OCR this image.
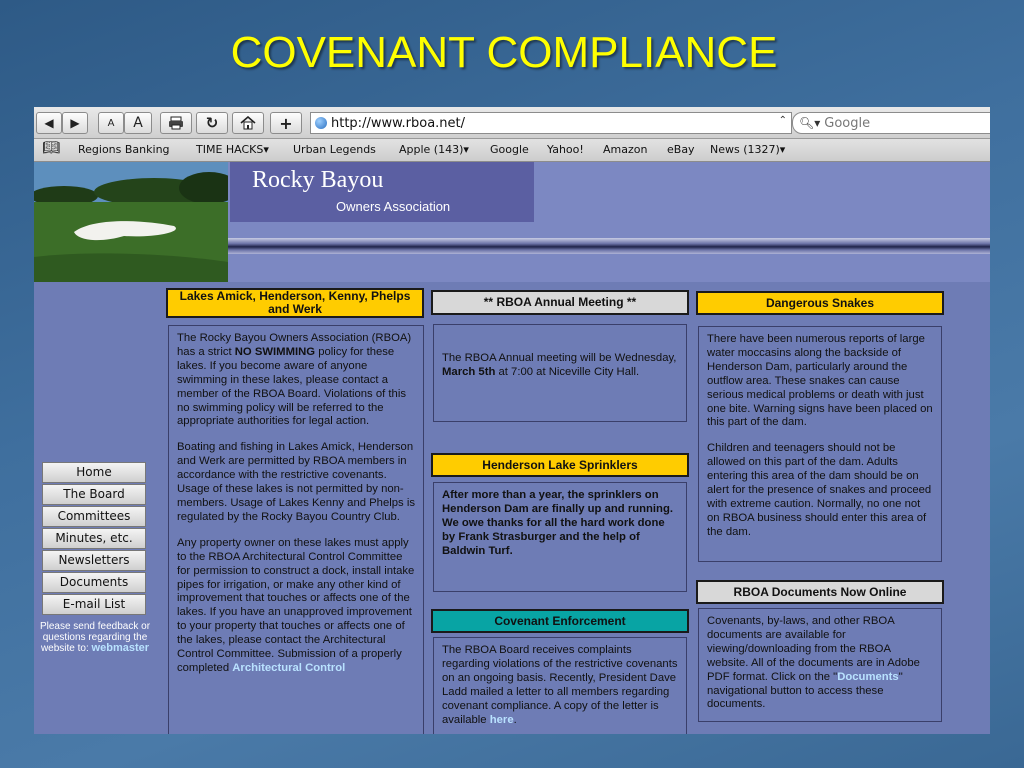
COVENANT COMPLIANCE
◀	▶	A	A	↻	+	http://www.rboa.net/	⌃ 🔍︎▾ Google
📖︎ Regions Banking TIME HACKS▾ Urban Legends Apple (143)▾ Google Yahoo! Amazon eBay News (1327)▾
Rocky Bayou
Owners Association
Home
The Board
Committees
Minutes, etc.
Newsletters
Documents
E-mail List
Please send feedback or questions regarding the website to: webmaster
Lakes Amick, Henderson, Kenny, Phelps and Werk

The Rocky Bayou Owners Association (RBOA) has a strict NO SWIMMING policy for these lakes. If you become aware of anyone swimming in these lakes, please contact a member of the RBOA Board. Violations of this no swimming policy will be referred to the appropriate authorities for legal action.

Boating and fishing in Lakes Amick, Henderson and Werk are permitted by RBOA members in accordance with the restrictive covenants. Usage of these lakes is not permitted by non-members. Usage of Lakes Kenny and Phelps is regulated by the Rocky Bayou Country Club.

Any property owner on these lakes must apply to the RBOA Architectural Control Committee for permission to construct a dock, install intake pipes for irrigation, or make any other kind of improvement that touches or affects one of the lakes. If you have an unapproved improvement to your property that touches or affects one of the lakes, please contact the Architectural Control Committee. Submission of a properly completed Architectural Control

** RBOA Annual Meeting **
The RBOA Annual meeting will be Wednesday, March 5th at 7:00 at Niceville City Hall.
Henderson Lake Sprinklers
After more than a year, the sprinklers on Henderson Dam are finally up and running. We owe thanks for all the hard work done by Frank Strasburger and the help of Baldwin Turf.
Covenant Enforcement
The RBOA Board receives complaints regarding violations of the restrictive covenants on an ongoing basis. Recently, President Dave Ladd mailed a letter to all members regarding covenant compliance. A copy of the letter is available here.
Dangerous Snakes

There have been numerous reports of large water moccasins along the backside of Henderson Dam, particularly around the outflow area. These snakes can cause serious medical problems or death with just one bite. Warning signs have been placed on this part of the dam.

Children and teenagers should not be allowed on this part of the dam. Adults entering this area of the dam should be on alert for the presence of snakes and proceed with extreme caution. Normally, no one not on RBOA business should enter this area of the dam.

RBOA Documents Now Online
Covenants, by-laws, and other RBOA documents are available for viewing/downloading from the RBOA website. All of the documents are in Adobe PDF format. Click on the "Documents" navigational button to access these documents.
